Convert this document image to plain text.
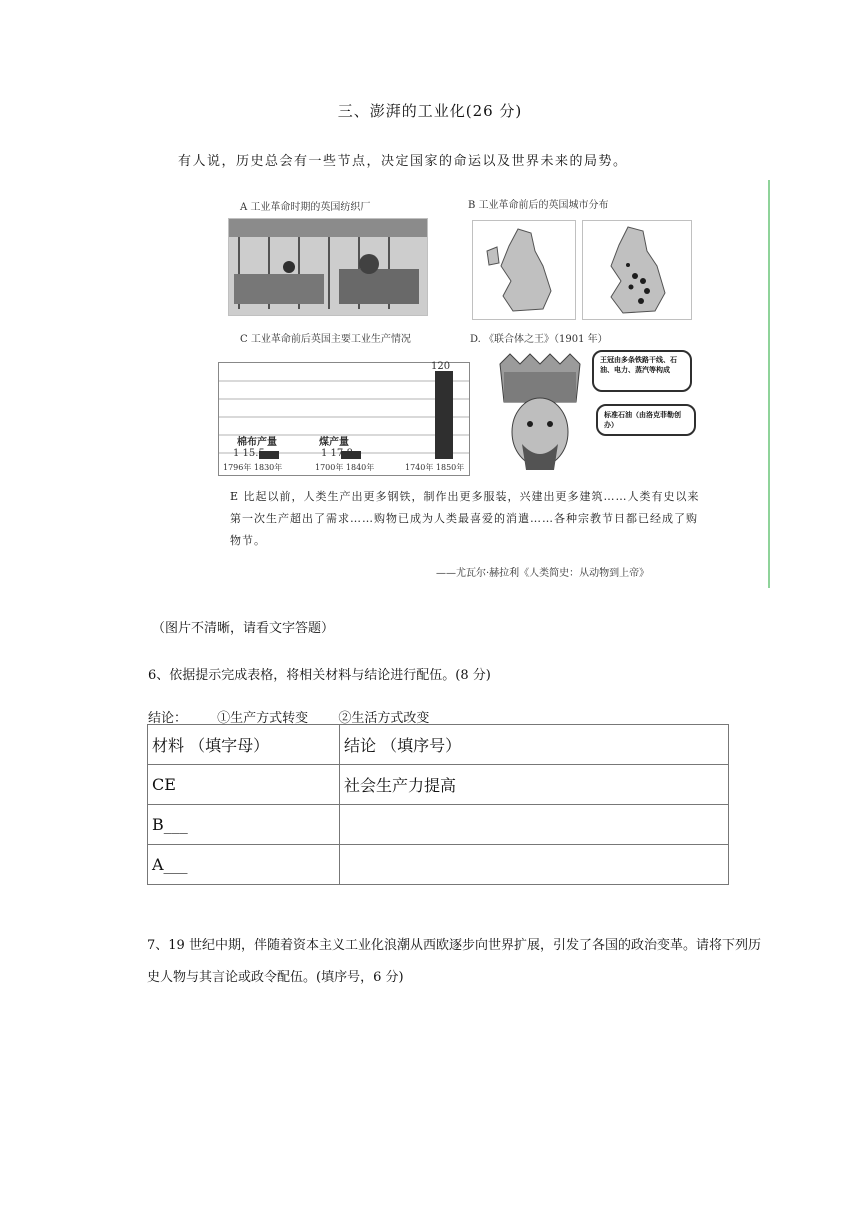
三、澎湃的工业化(26 分)
有人说，历史总会有一些节点，决定国家的命运以及世界未来的局势。
A 工业革命时期的英国纺织厂	B 工业革命前后的英国城市分布
C 工业革命前后英国主要工业生产情况	D. 《联合体之王》（1901 年）
棉布产量	煤产量
1 15.5	1 17.8
120
1796年 1830年	1700年 1840年	1740年 1850年
王冠由多条铁路干线、石油、电力、蒸汽等构成
标准石油（由洛克菲勒创办）
E 比起以前，人类生产出更多钢铁，制作出更多服装，兴建出更多建筑……人类有史以来第一次生产超出了需求……购物已成为人类最喜爱的消遣……各种宗教节日都已经成了购物节。
——尤瓦尔·赫拉利《人类简史：从动物到上帝》
（图片不清晰，请看文字答题）
6、依据提示完成表格，将相关材料与结论进行配伍。(8 分)
结论： ①生产方式转变 ②生活方式改变
材料 （填字母）	结论 （填序号）
CE	社会生产力提高
B___	
A___	
7、19 世纪中期，伴随着资本主义工业化浪潮从西欧逐步向世界扩展，引发了各国的政治变革。请将下列历史人物与其言论或政令配伍。(填序号，6 分)
